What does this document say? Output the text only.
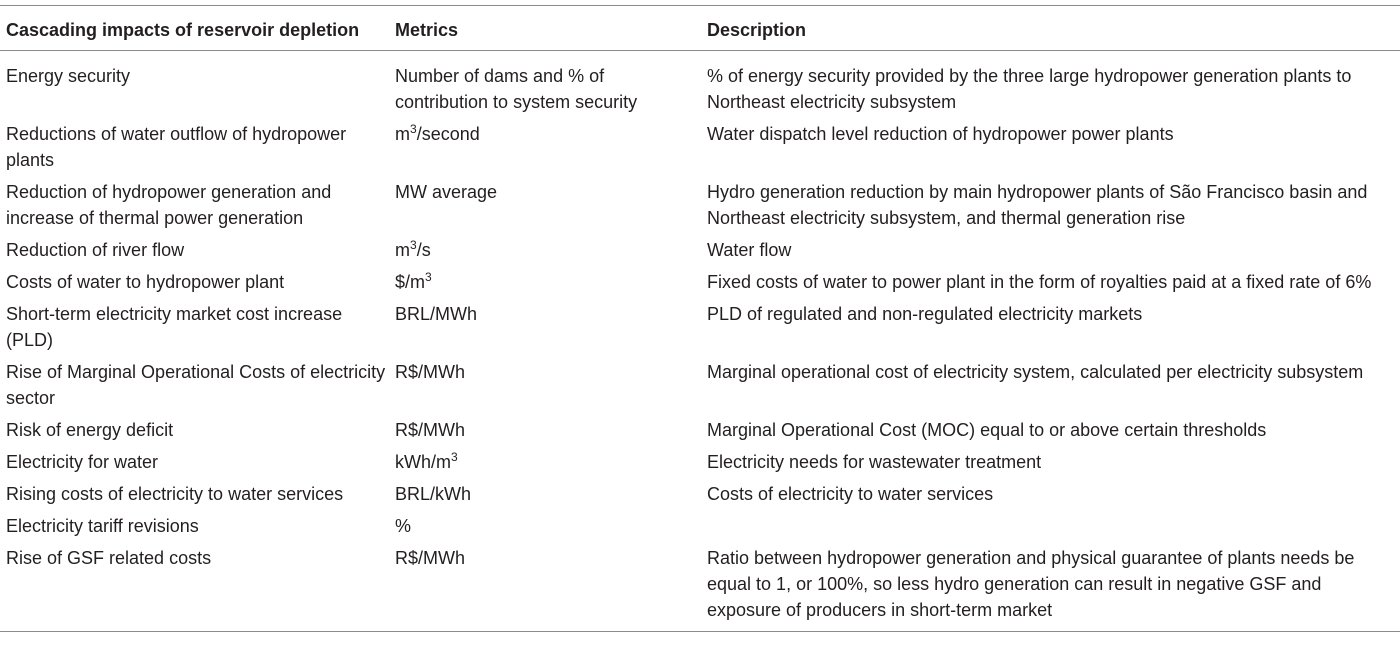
Cascading impacts of reservoir depletion	Metrics	Description
Energy security	Number of dams and % of contribution to system security	% of energy security provided by the three large hydropower generation plants to Northeast electricity subsystem
Reductions of water outflow of hydropower plants	$m^3$/second	Water dispatch level reduction of hydropower power plants
Reduction of hydropower generation and increase of thermal power generation	MW average	Hydro generation reduction by main hydropower plants of São Francisco basin and Northeast electricity subsystem, and thermal generation rise
Reduction of river flow	$m^3/s$	Water flow
Costs of water to hydropower plant	$\$/m^3$	Fixed costs of water to power plant in the form of royalties paid at a fixed rate of 6%
Short-term electricity market cost increase (PLD)	BRL/MWh	PLD of regulated and non-regulated electricity markets
Rise of Marginal Operational Costs of electricity sector	R$/MWh	Marginal operational cost of electricity system, calculated per electricity subsystem
Risk of energy deficit	R$/MWh	Marginal Operational Cost (MOC) equal to or above certain thresholds
Electricity for water	kWh/$m^3$	Electricity needs for wastewater treatment
Rising costs of electricity to water services	BRL/kWh	Costs of electricity to water services
Electricity tariff revisions	%	
Rise of GSF related costs	R$/MWh	Ratio between hydropower generation and physical guarantee of plants needs be equal to 1, or 100%, so less hydro generation can result in negative GSF and exposure of producers in short-term market
